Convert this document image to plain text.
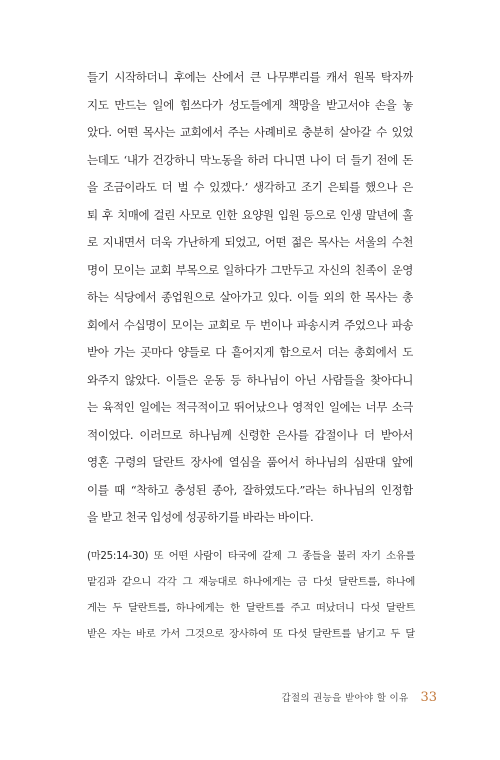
들기 시작하더니 후에는 산에서 큰 나무뿌리를 캐서 원목 탁자까
지도 만드는 일에 힘쓰다가 성도들에게 책망을 받고서야 손을 놓
았다. 어떤 목사는 교회에서 주는 사례비로 충분히 살아갈 수 있었
는데도 ‘내가 건강하니 막노동을 하러 다니면 나이 더 들기 전에 돈
을 조금이라도 더 벌 수 있겠다.’ 생각하고 조기 은퇴를 했으나 은
퇴 후 치매에 걸린 사모로 인한 요양원 입원 등으로 인생 말년에 홀
로 지내면서 더욱 가난하게 되었고, 어떤 젊은 목사는 서울의 수천
명이 모이는 교회 부목으로 일하다가 그만두고 자신의 친족이 운영
하는 식당에서 종업원으로 살아가고 있다. 이들 외의 한 목사는 총
회에서 수십명이 모이는 교회로 두 번이나 파송시켜 주었으나 파송
받아 가는 곳마다 양들로 다 흩어지게 함으로서 더는 총회에서 도
와주지 않았다. 이들은 운동 등 하나님이 아닌 사람들을 찾아다니
는 육적인 일에는 적극적이고 뛰어났으나 영적인 일에는 너무 소극
적이었다. 이러므로 하나님께 신령한 은사를 갑절이나 더 받아서
영혼 구령의 달란트 장사에 열심을 품어서 하나님의 심판대 앞에
이를 때 “착하고 충성된 종아, 잘하였도다.”라는 하나님의 인정함
을 받고 천국 입성에 성공하기를 바라는 바이다.
(마25:14-30) 또 어떤 사람이 타국에 갈제 그 종들을 불러 자기 소유를
맡김과 같으니 각각 그 재능대로 하나에게는 금 다섯 달란트를, 하나에
게는 두 달란트를, 하나에게는 한 달란트를 주고 떠났더니 다섯 달란트
받은 자는 바로 가서 그것으로 장사하여 또 다섯 달란트를 남기고 두 달
갑절의 권능을 받아야 할 이유 33
